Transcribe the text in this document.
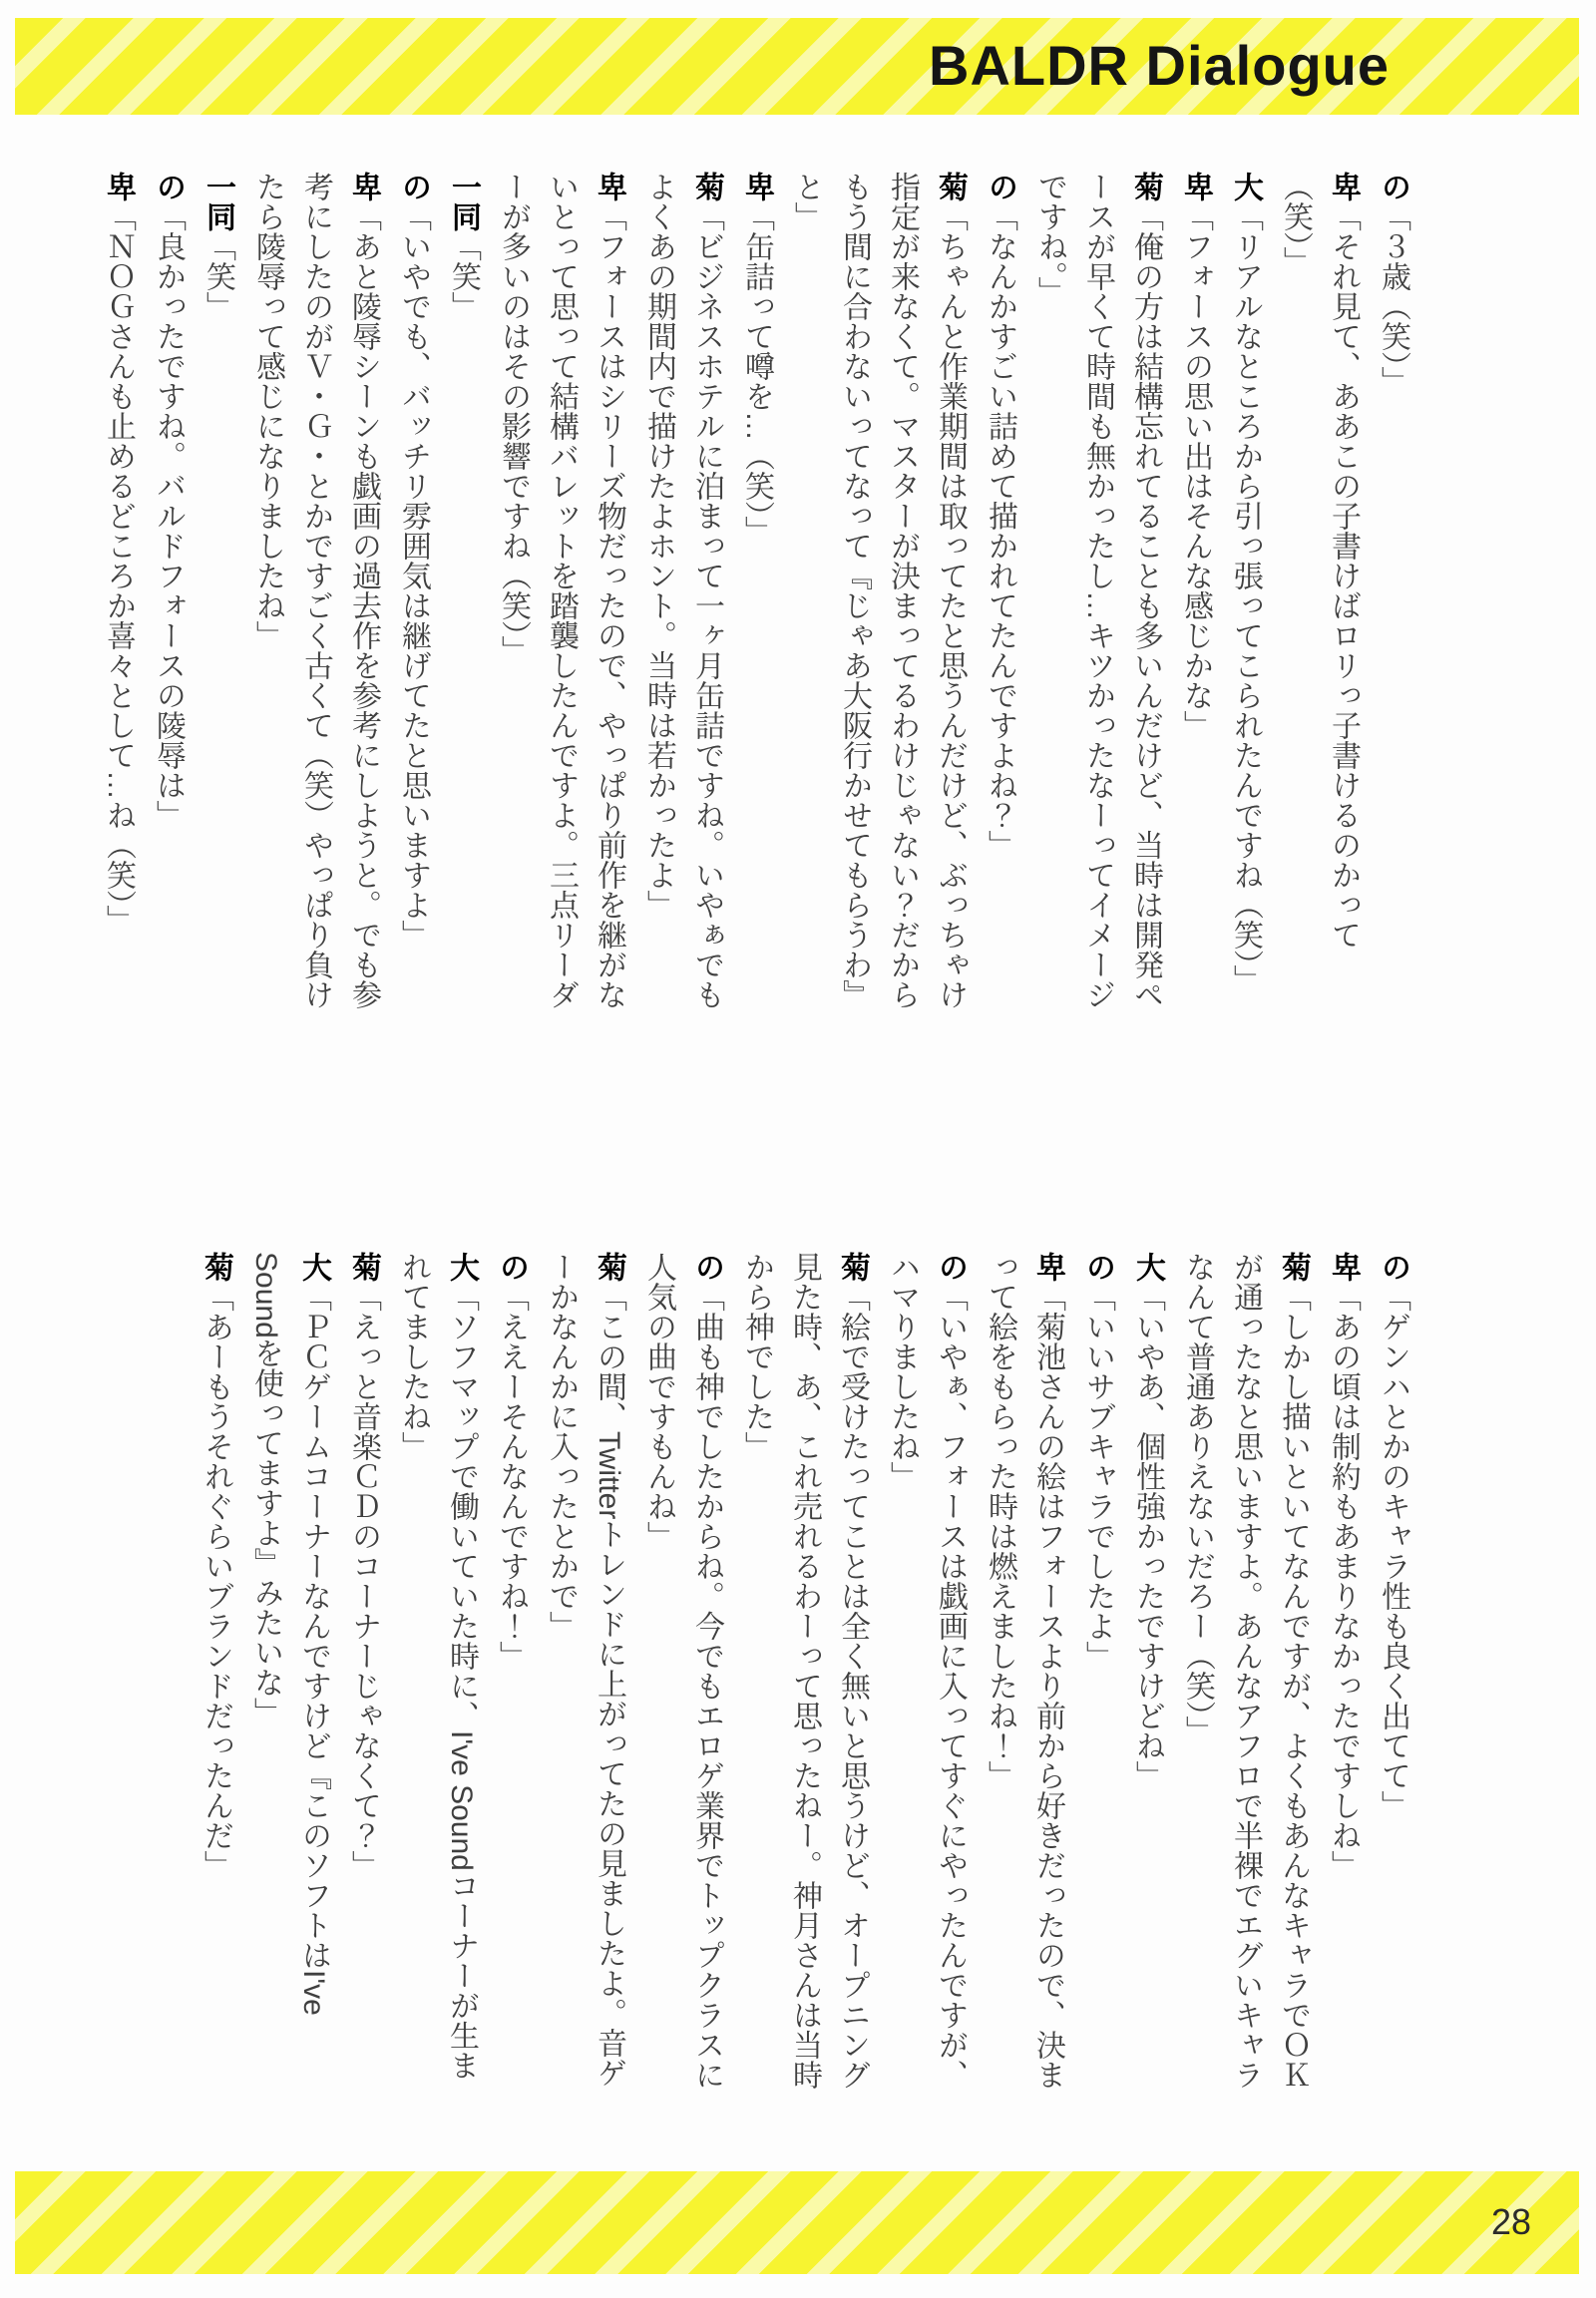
BALDR Dialogue

の「３歳（笑）」

卑「それ見て、ああこの子書けばロリっ子書けるのかって（笑）」

大「リアルなところから引っ張ってこられたんですね（笑）」

卑「フォースの思い出はそんな感じかな」

菊「俺の方は結構忘れてることも多いんだけど、当時は開発ペースが早くて時間も無かったし…キツかったなーってイメージですね。」

の「なんかすごい詰めて描かれてたんですよね？」

菊「ちゃんと作業期間は取ってたと思うんだけど、ぶっちゃけ指定が来なくて。マスターが決まってるわけじゃない？だからもう間に合わないってなって『じゃあ大阪行かせてもらうわ』と」

卑「缶詰って噂を…（笑）」

菊「ビジネスホテルに泊まって一ヶ月缶詰ですね。いやぁでもよくあの期間内で描けたよホント。当時は若かったよ」

卑「フォースはシリーズ物だったので、やっぱり前作を継がないとって思って結構バレットを踏襲したんですよ。三点リーダーが多いのはその影響ですね（笑）」

一同「笑」

の「いやでも、バッチリ雰囲気は継げてたと思いますよ」

卑「あと陵辱シーンも戯画の過去作を参考にしようと。でも参考にしたのがＶ・Ｇ・とかですごく古くて（笑）やっぱり負けたら陵辱って感じになりましたね」

一同「笑」

の「良かったですね。バルドフォースの陵辱は」

卑「ＮＯＧさんも止めるどころか喜々として…ね（笑）」

の「ゲンハとかのキャラ性も良く出てて」

卑「あの頃は制約もあまりなかったですしね」

菊「しかし描いといてなんですが、よくもあんなキャラでＯＫが通ったなと思いますよ。あんなアフロで半裸でエグいキャラなんて普通ありえないだろー（笑）」

大「いやあ、個性強かったですけどね」

の「いいサブキャラでしたよ」

卑「菊池さんの絵はフォースより前から好きだったので、決まって絵をもらった時は燃えましたね！」

の「いやぁ、フォースは戯画に入ってすぐにやったんですが、ハマりましたね」

菊「絵で受けたってことは全く無いと思うけど、オープニング見た時、あ、これ売れるわーって思ったねー。神月さんは当時から神でした」

の「曲も神でしたからね。今でもエロゲ業界でトップクラスに人気の曲ですもんね」

菊「この間、Twitterトレンドに上がってたの見ましたよ。音ゲーかなんかに入ったとかで」

の「ええーそんなんですね！」

大「ソフマップで働いていた時に、I've Soundコーナーが生まれてましたね」

菊「えっと音楽ＣＤのコーナーじゃなくて？」

大「ＰＣゲームコーナーなんですけど『このソフトはI've Soundを使ってますよ』みたいな」

菊「あーもうそれぐらいブランドだったんだ」

28
